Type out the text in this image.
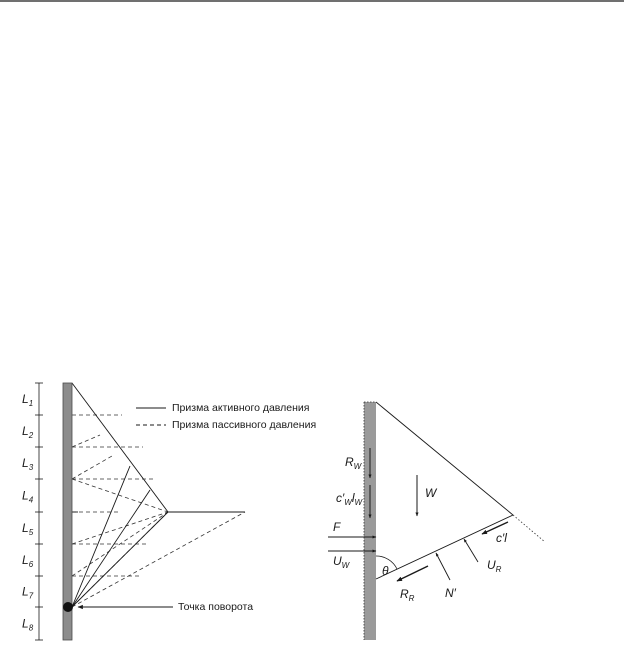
$L_1$
$L_2$
$L_3$
$L_4$
$L_5$
$L_6$
$L_7$
$L_8$
Точка поворота
Призма активного давления
Призма пассивного давления
$R_W$
$c'_Wl_W$
W
F
$U_W$	θ
$R_R$	N′
$U_R$
c′l
